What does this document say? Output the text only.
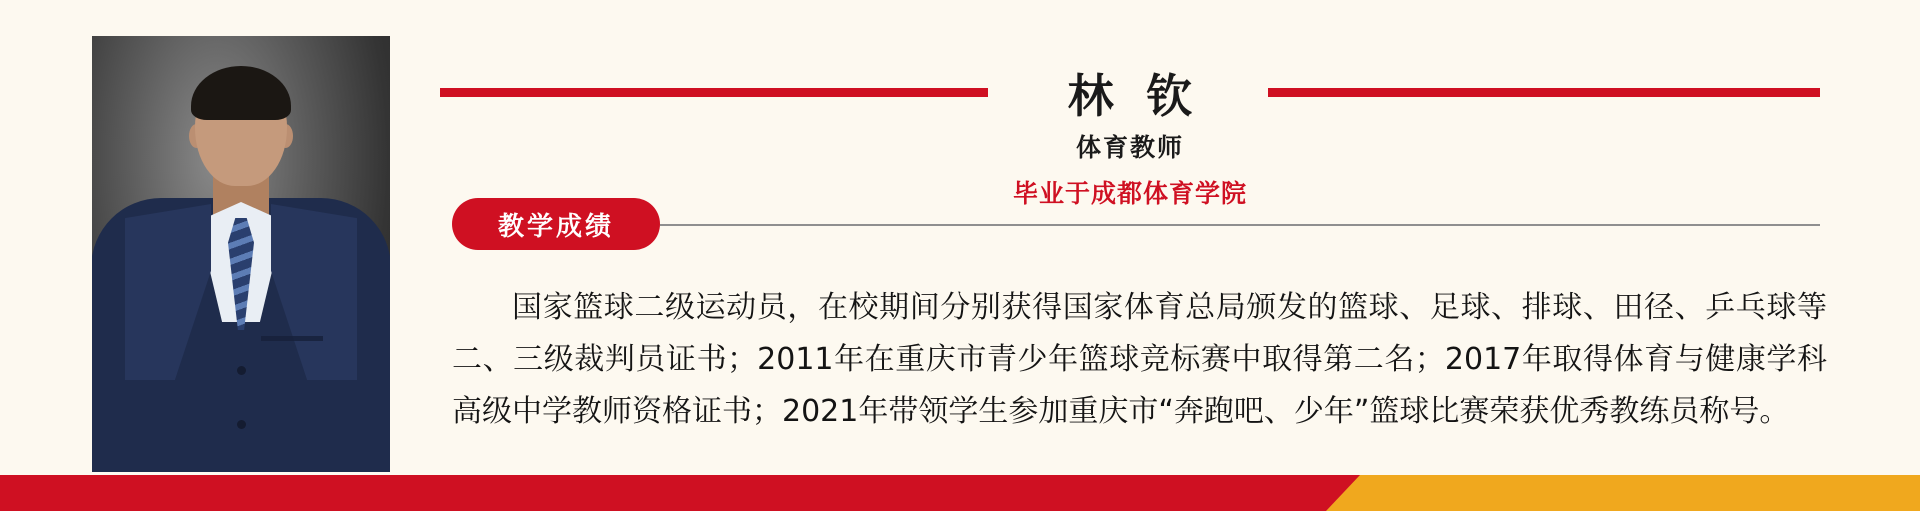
林 钦
体育教师
毕业于成都体育学院
教学成绩
国家篮球二级运动员，在校期间分别获得国家体育总局颁发的篮球、足球、排球、田径、乒乓球等二、三级裁判员证书；2011年在重庆市青少年篮球竞标赛中取得第二名；2017年取得体育与健康学科高级中学教师资格证书；2021年带领学生参加重庆市“奔跑吧、少年”篮球比赛荣获优秀教练员称号。
